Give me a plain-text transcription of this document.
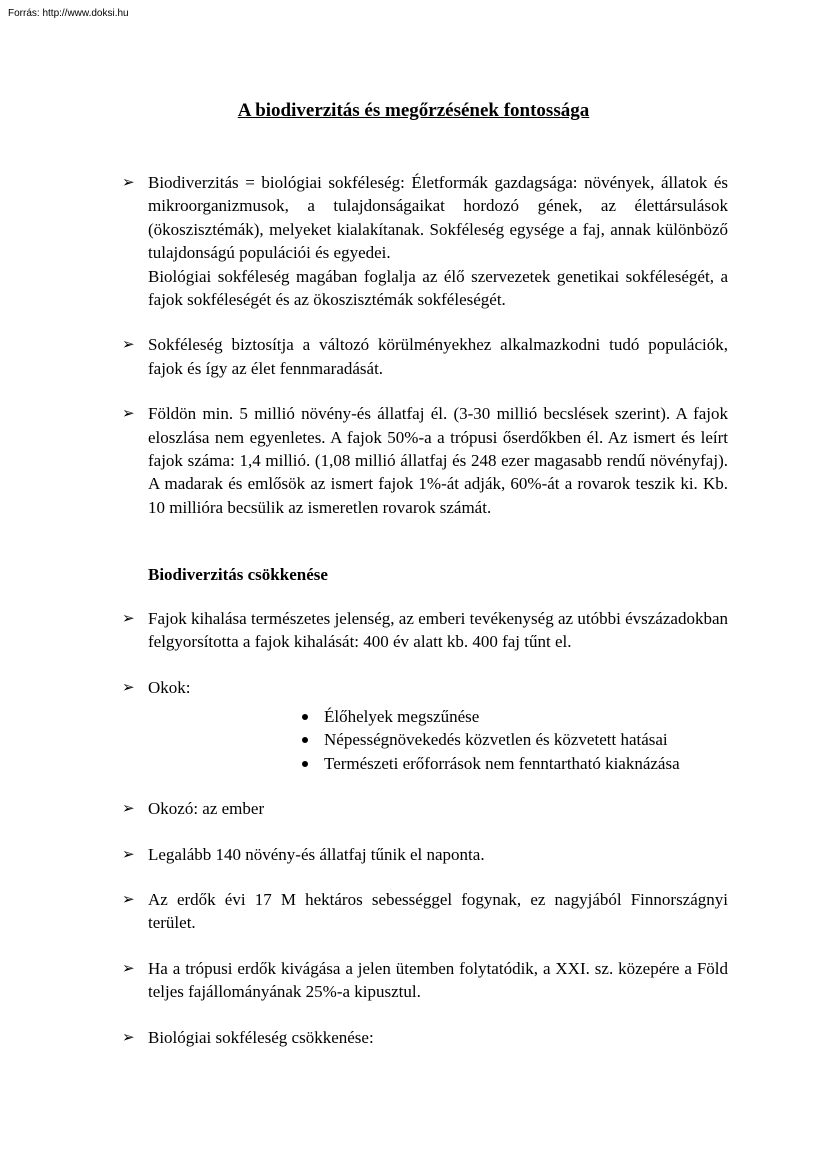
Forrás: http://www.doksi.hu
A biodiverzitás és megőrzésének fontossága
➢ Biodiverzitás = biológiai sokféleség: Életformák gazdagsága: növények, állatok és mikroorganizmusok, a tulajdonságaikat hordozó gének, az élettársulások (ökoszisztémák), melyeket kialakítanak. Sokféleség egysége a faj, annak különböző tulajdonságú populációi és egyedei.
Biológiai sokféleség magában foglalja az élő szervezetek genetikai sokféleségét, a fajok sokféleségét és az ökoszisztémák sokféleségét.
➢ Sokféleség biztosítja a változó körülményekhez alkalmazkodni tudó populációk, fajok és így az élet fennmaradását.
➢ Földön min. 5 millió növény-és állatfaj él. (3-30 millió becslések szerint). A fajok eloszlása nem egyenletes. A fajok 50%-a a trópusi őserdőkben él. Az ismert és leírt fajok száma: 1,4 millió. (1,08 millió állatfaj és 248 ezer magasabb rendű növényfaj). A madarak és emlősök az ismert fajok 1%-át adják, 60%-át a rovarok teszik ki. Kb. 10 millióra becsülik az ismeretlen rovarok számát.
Biodiverzitás csökkenése
➢ Fajok kihalása természetes jelenség, az emberi tevékenység az utóbbi évszázadokban felgyorsította a fajok kihalását: 400 év alatt kb. 400 faj tűnt el.
➢ Okok:
Élőhelyek megszűnése
Népességnövekedés közvetlen és közvetett hatásai
Természeti erőforrások nem fenntartható kiaknázása
➢ Okozó: az ember
➢ Legalább 140 növény-és állatfaj tűnik el naponta.
➢ Az erdők évi 17 M hektáros sebességgel fogynak, ez nagyjából Finnországnyi terület.
➢ Ha a trópusi erdők kivágása a jelen ütemben folytatódik, a XXI. sz. közepére a Föld teljes fajállományának 25%-a kipusztul.
➢ Biológiai sokféleség csökkenése:
